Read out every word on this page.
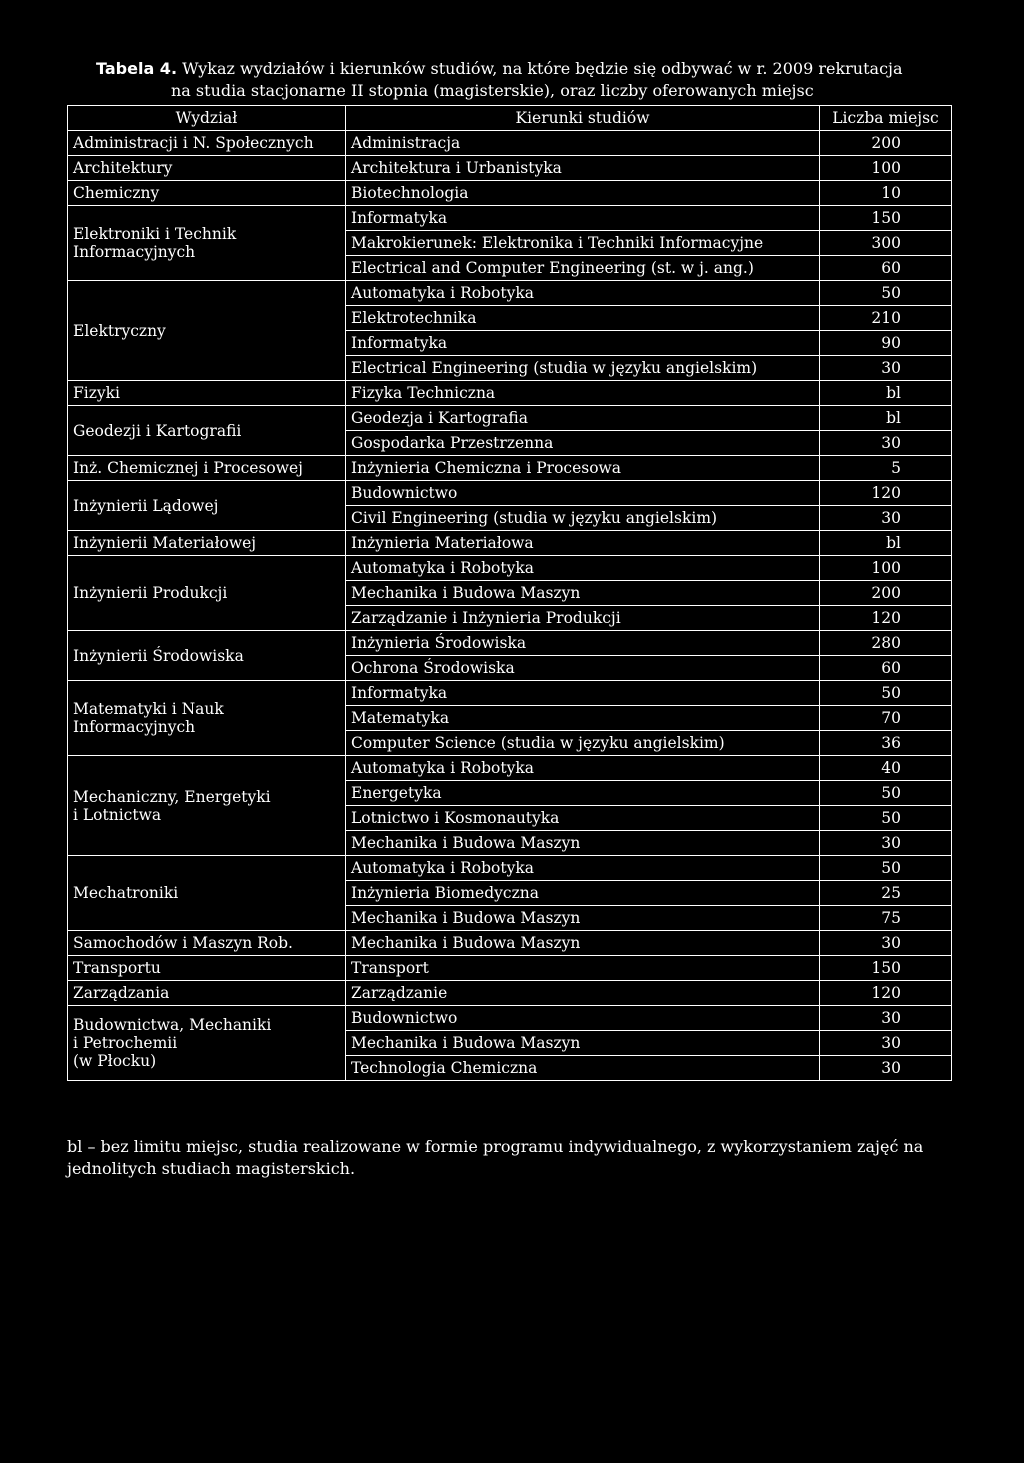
Tabela 4. Wykaz wydziałów i kierunków studiów, na które będzie się odbywać w r. 2009 rekrutacja
na studia stacjonarne II stopnia (magisterskie), oraz liczby oferowanych miejsc
Wydział	Kierunki studiów	Liczba miejsc

Administracji i N. Społecznych	Administracja	200

Architektury	Architektura i Urbanistyka	100

Chemiczny	Biotechnologia	10

Elektroniki i Technik
Informacyjnych	Informatyka	150
	Makrokierunek: Elektronika i Techniki Informacyjne	300
	Electrical and Computer Engineering (st. w j. ang.)	60

Elektryczny	Automatyka i Robotyka	50
	Elektrotechnika	210
	Informatyka	90
	Electrical Engineering (studia w języku angielskim)	30

Fizyki	Fizyka Techniczna	bl

Geodezji i Kartografii	Geodezja i Kartografia	bl
	Gospodarka Przestrzenna	30

Inż. Chemicznej i Procesowej	Inżynieria Chemiczna i Procesowa	5

Inżynierii Lądowej	Budownictwo	120
	Civil Engineering (studia w języku angielskim)	30

Inżynierii Materiałowej	Inżynieria Materiałowa	bl

Inżynierii Produkcji	Automatyka i Robotyka	100
	Mechanika i Budowa Maszyn	200
	Zarządzanie i Inżynieria Produkcji	120

Inżynierii Środowiska	Inżynieria Środowiska	280
	Ochrona Środowiska	60

Matematyki i Nauk
Informacyjnych	Informatyka	50
	Matematyka	70
	Computer Science (studia w języku angielskim)	36

Mechaniczny, Energetyki
i Lotnictwa	Automatyka i Robotyka	40
	Energetyka	50
	Lotnictwo i Kosmonautyka	50
	Mechanika i Budowa Maszyn	30

Mechatroniki	Automatyka i Robotyka	50
	Inżynieria Biomedyczna	25
	Mechanika i Budowa Maszyn	75

Samochodów i Maszyn Rob.	Mechanika i Budowa Maszyn	30

Transportu	Transport	150

Zarządzania	Zarządzanie	120

Budownictwa, Mechaniki
i Petrochemii
(w Płocku)	Budownictwo	30
	Mechanika i Budowa Maszyn	30
	Technologia Chemiczna	30
bl – bez limitu miejsc, studia realizowane w formie programu indywidualnego, z wykorzystaniem zajęć na jednolitych studiach magisterskich.
